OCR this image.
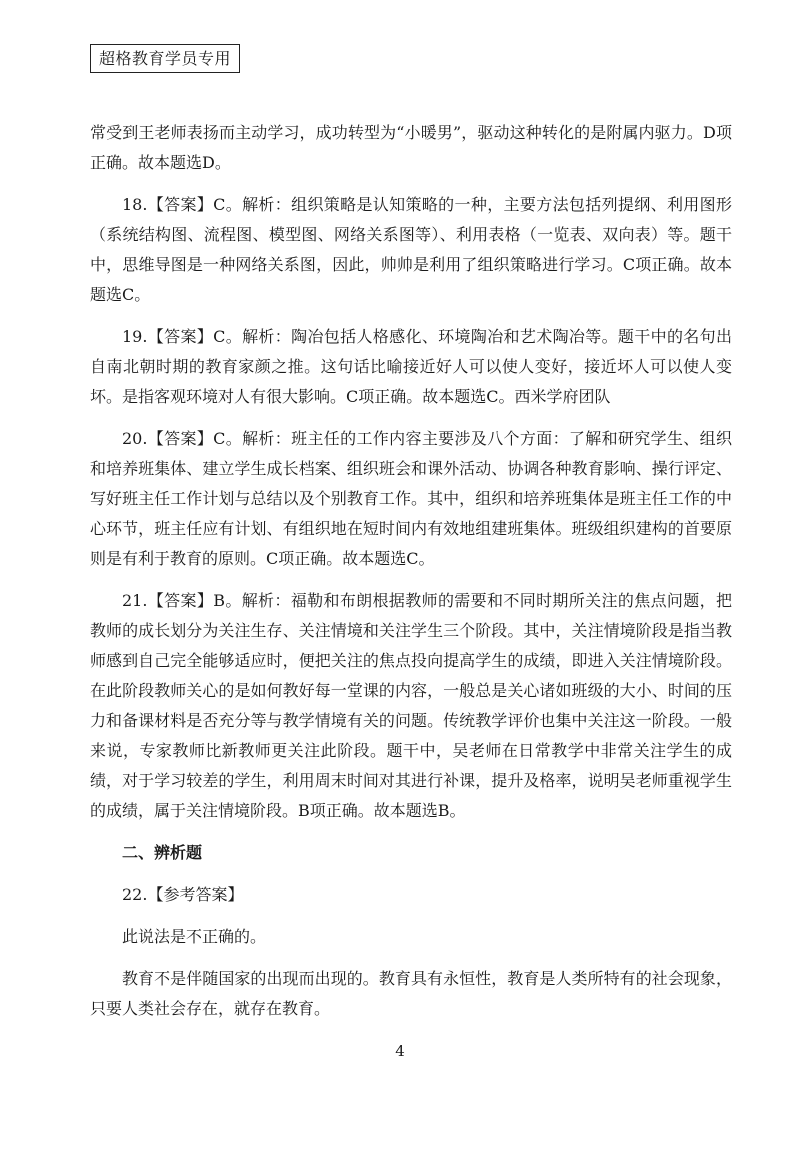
超格教育学员专用

常受到王老师表扬而主动学习，成功转型为“小暖男”，驱动这种转化的是附属内驱力。D项正确。故本题选D。

18.【答案】C。解析：组织策略是认知策略的一种，主要方法包括列提纲、利用图形（系统结构图、流程图、模型图、网络关系图等）、利用表格（一览表、双向表）等。题干中，思维导图是一种网络关系图，因此，帅帅是利用了组织策略进行学习。C项正确。故本题选C。

19.【答案】C。解析：陶冶包括人格感化、环境陶冶和艺术陶冶等。题干中的名句出自南北朝时期的教育家颜之推。这句话比喻接近好人可以使人变好，接近坏人可以使人变坏。是指客观环境对人有很大影响。C项正确。故本题选C。西米学府团队

20.【答案】C。解析：班主任的工作内容主要涉及八个方面：了解和研究学生、组织和培养班集体、建立学生成长档案、组织班会和课外活动、协调各种教育影响、操行评定、写好班主任工作计划与总结以及个别教育工作。其中，组织和培养班集体是班主任工作的中心环节，班主任应有计划、有组织地在短时间内有效地组建班集体。班级组织建构的首要原则是有利于教育的原则。C项正确。故本题选C。

21.【答案】B。解析：福勒和布朗根据教师的需要和不同时期所关注的焦点问题，把教师的成长划分为关注生存、关注情境和关注学生三个阶段。其中，关注情境阶段是指当教师感到自己完全能够适应时，便把关注的焦点投向提高学生的成绩，即进入关注情境阶段。在此阶段教师关心的是如何教好每一堂课的内容，一般总是关心诸如班级的大小、时间的压力和备课材料是否充分等与教学情境有关的问题。传统教学评价也集中关注这一阶段。一般来说，专家教师比新教师更关注此阶段。题干中，吴老师在日常教学中非常关注学生的成绩，对于学习较差的学生，利用周末时间对其进行补课，提升及格率，说明吴老师重视学生的成绩，属于关注情境阶段。B项正确。故本题选B。

二、辨析题

22.【参考答案】

此说法是不正确的。

教育不是伴随国家的出现而出现的。教育具有永恒性，教育是人类所特有的社会现象，只要人类社会存在，就存在教育。

4
